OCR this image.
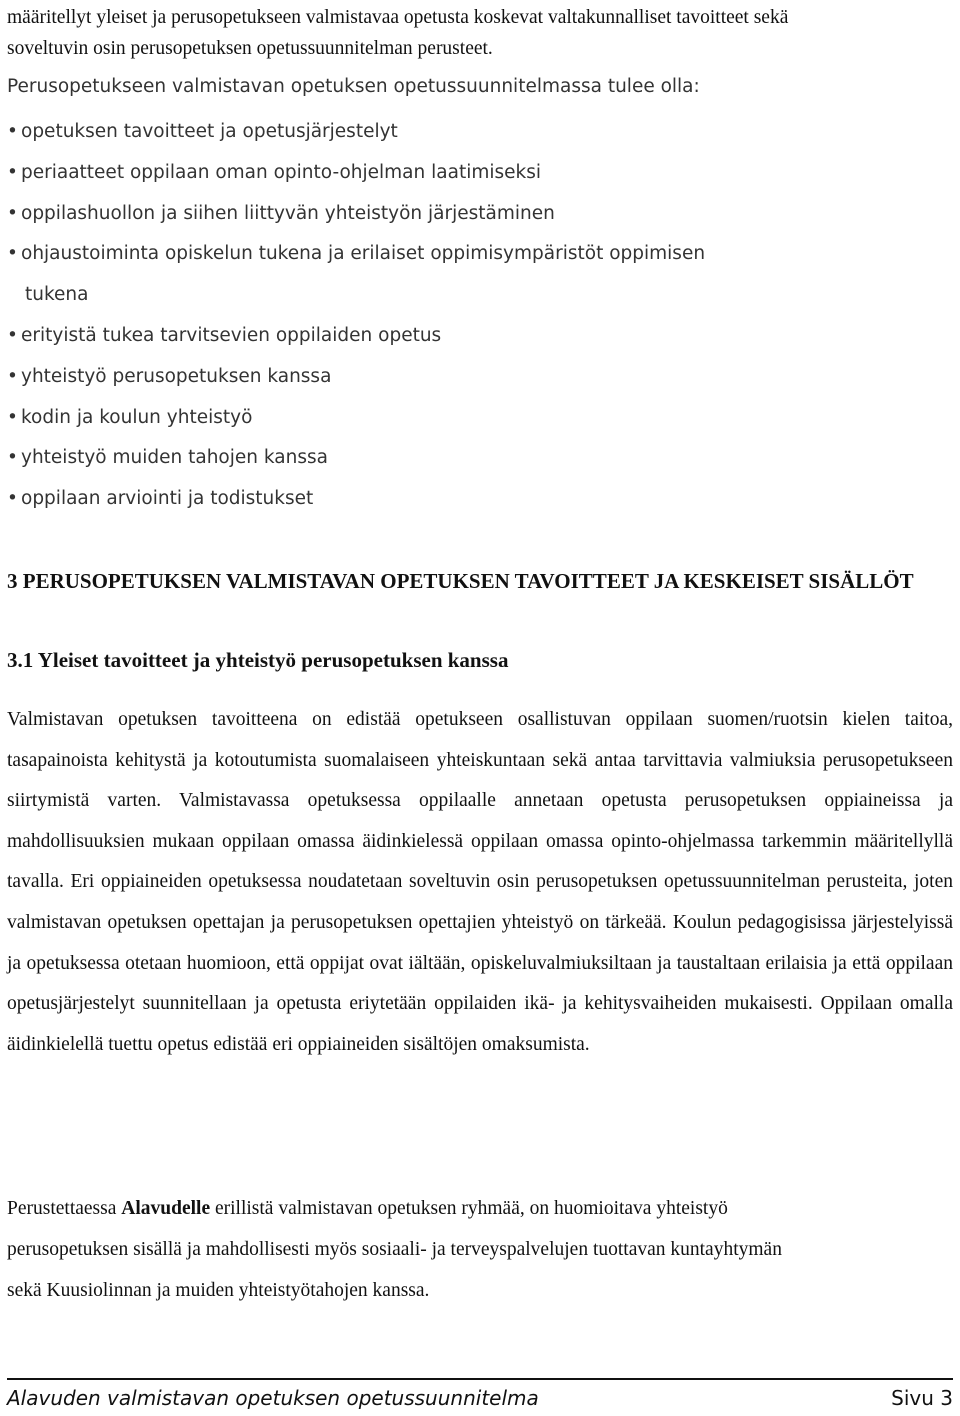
määritellyt yleiset ja perusopetukseen valmistavaa opetusta koskevat valtakunnalliset tavoitteet sekä
soveltuvin osin perusopetuksen opetussuunnitelman perusteet.
Perusopetukseen valmistavan opetuksen opetussuunnitelmassa tulee olla:
• opetuksen tavoitteet ja opetusjärjestelyt
• periaatteet oppilaan oman opinto-ohjelman laatimiseksi
• oppilashuollon ja siihen liittyvän yhteistyön järjestäminen
• ohjaustoiminta opiskelun tukena ja erilaiset oppimisympäristöt oppimisen
tukena
• erityistä tukea tarvitsevien oppilaiden opetus
• yhteistyö perusopetuksen kanssa
• kodin ja koulun yhteistyö
• yhteistyö muiden tahojen kanssa
• oppilaan arviointi ja todistukset
3 PERUSOPETUKSEN VALMISTAVAN OPETUKSEN TAVOITTEET JA KESKEISET SISÄLLÖT
3.1 Yleiset tavoitteet ja yhteistyö perusopetuksen kanssa

Valmistavan opetuksen tavoitteena on edistää opetukseen osallistuvan oppilaan suomen/ruotsin kielen taitoa, tasapainoista kehitystä ja kotoutumista suomalaiseen yhteiskuntaan sekä antaa tarvittavia valmiuksia perusopetukseen siirtymistä varten. Valmistavassa opetuksessa oppilaalle annetaan opetusta perusopetuksen oppiaineissa ja mahdollisuuksien mukaan oppilaan omassa äidinkielessä oppilaan omassa opinto-ohjelmassa tarkemmin määritellyllä tavalla. Eri oppiaineiden opetuksessa noudatetaan soveltuvin osin perusopetuksen opetussuunnitelman perusteita, joten valmistavan opetuksen opettajan ja perusopetuksen opettajien yhteistyö on tärkeää. Koulun pedagogisissa järjestelyissä ja opetuksessa otetaan huomioon, että oppijat ovat iältään, opiskeluvalmiuksiltaan ja taustaltaan erilaisia ja että oppilaan opetusjärjestelyt suunnitellaan ja opetusta eriytetään oppilaiden ikä- ja kehitysvaiheiden mukaisesti. Oppilaan omalla äidinkielellä tuettu opetus edistää eri oppiaineiden sisältöjen omaksumista.

Perustettaessa Alavudelle erillistä valmistavan opetuksen ryhmää, on huomioitava yhteistyö
perusopetuksen sisällä ja mahdollisesti myös sosiaali- ja terveyspalvelujen tuottavan kuntayhtymän
sekä Kuusiolinnan ja muiden yhteistyötahojen kanssa.

Alavuden valmistavan opetuksen opetussuunnitelma	Sivu 3
